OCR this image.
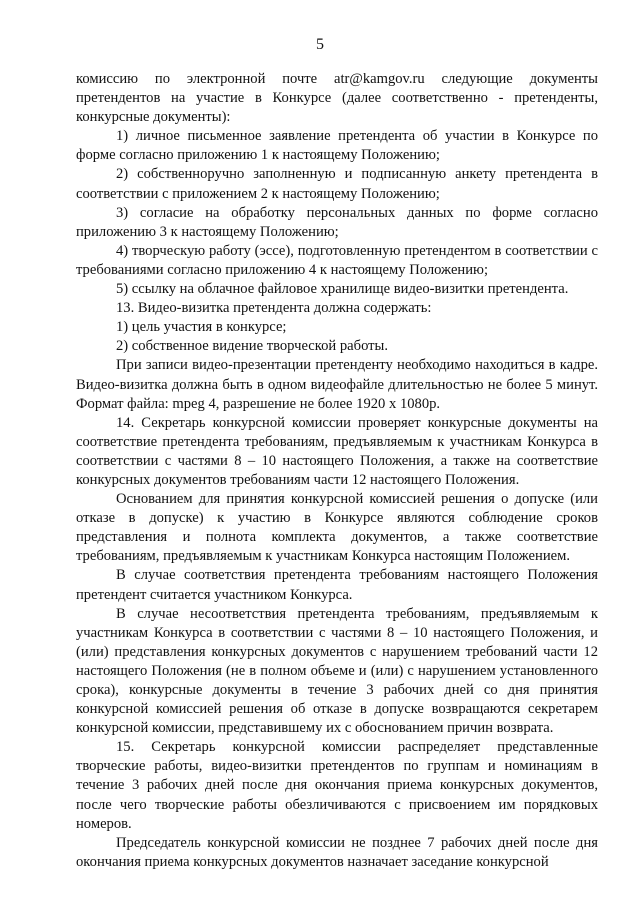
5

комиссию по электронной почте atr@kamgov.ru следующие документы претендентов на участие в Конкурсе (далее соответственно - претенденты, конкурсные документы):

1) личное письменное заявление претендента об участии в Конкурсе по форме согласно приложению 1 к настоящему Положению;

2) собственноручно заполненную и подписанную анкету претендента в соответствии с приложением 2 к настоящему Положению;

3) согласие на обработку персональных данных по форме согласно приложению 3 к настоящему Положению;

4) творческую работу (эссе), подготовленную претендентом в соответствии с требованиями согласно приложению 4 к настоящему Положению;

5) ссылку на облачное файловое хранилище видео-визитки претендента.

13. Видео-визитка претендента должна содержать:

1) цель участия в конкурсе;

2) собственное видение творческой работы.

При записи видео-презентации претенденту необходимо находиться в кадре. Видео-визитка должна быть в одном видеофайле длительностью не более 5 минут. Формат файла: mpeg 4, разрешение не более 1920 x 1080р.

14. Секретарь конкурсной комиссии проверяет конкурсные документы на соответствие претендента требованиям, предъявляемым к участникам Конкурса в соответствии с частями 8 – 10 настоящего Положения, а также на соответствие конкурсных документов требованиям части 12 настоящего Положения.

Основанием для принятия конкурсной комиссией решения о допуске (или отказе в допуске) к участию в Конкурсе являются соблюдение сроков представления и полнота комплекта документов, а также соответствие требованиям, предъявляемым к участникам Конкурса настоящим Положением.

В случае соответствия претендента требованиям настоящего Положения претендент считается участником Конкурса.

В случае несоответствия претендента требованиям, предъявляемым к участникам Конкурса в соответствии с частями 8 – 10 настоящего Положения, и (или) представления конкурсных документов с нарушением требований части 12 настоящего Положения (не в полном объеме и (или) с нарушением установленного срока), конкурсные документы в течение 3 рабочих дней со дня принятия конкурсной комиссией решения об отказе в допуске возвращаются секретарем конкурсной комиссии, представившему их с обоснованием причин возврата.

15. Секретарь конкурсной комиссии распределяет представленные творческие работы, видео-визитки претендентов по группам и номинациям в течение 3 рабочих дней после дня окончания приема конкурсных документов, после чего творческие работы обезличиваются с присвоением им порядковых номеров.

Председатель конкурсной комиссии не позднее 7 рабочих дней после дня окончания приема конкурсных документов назначает заседание конкурсной
